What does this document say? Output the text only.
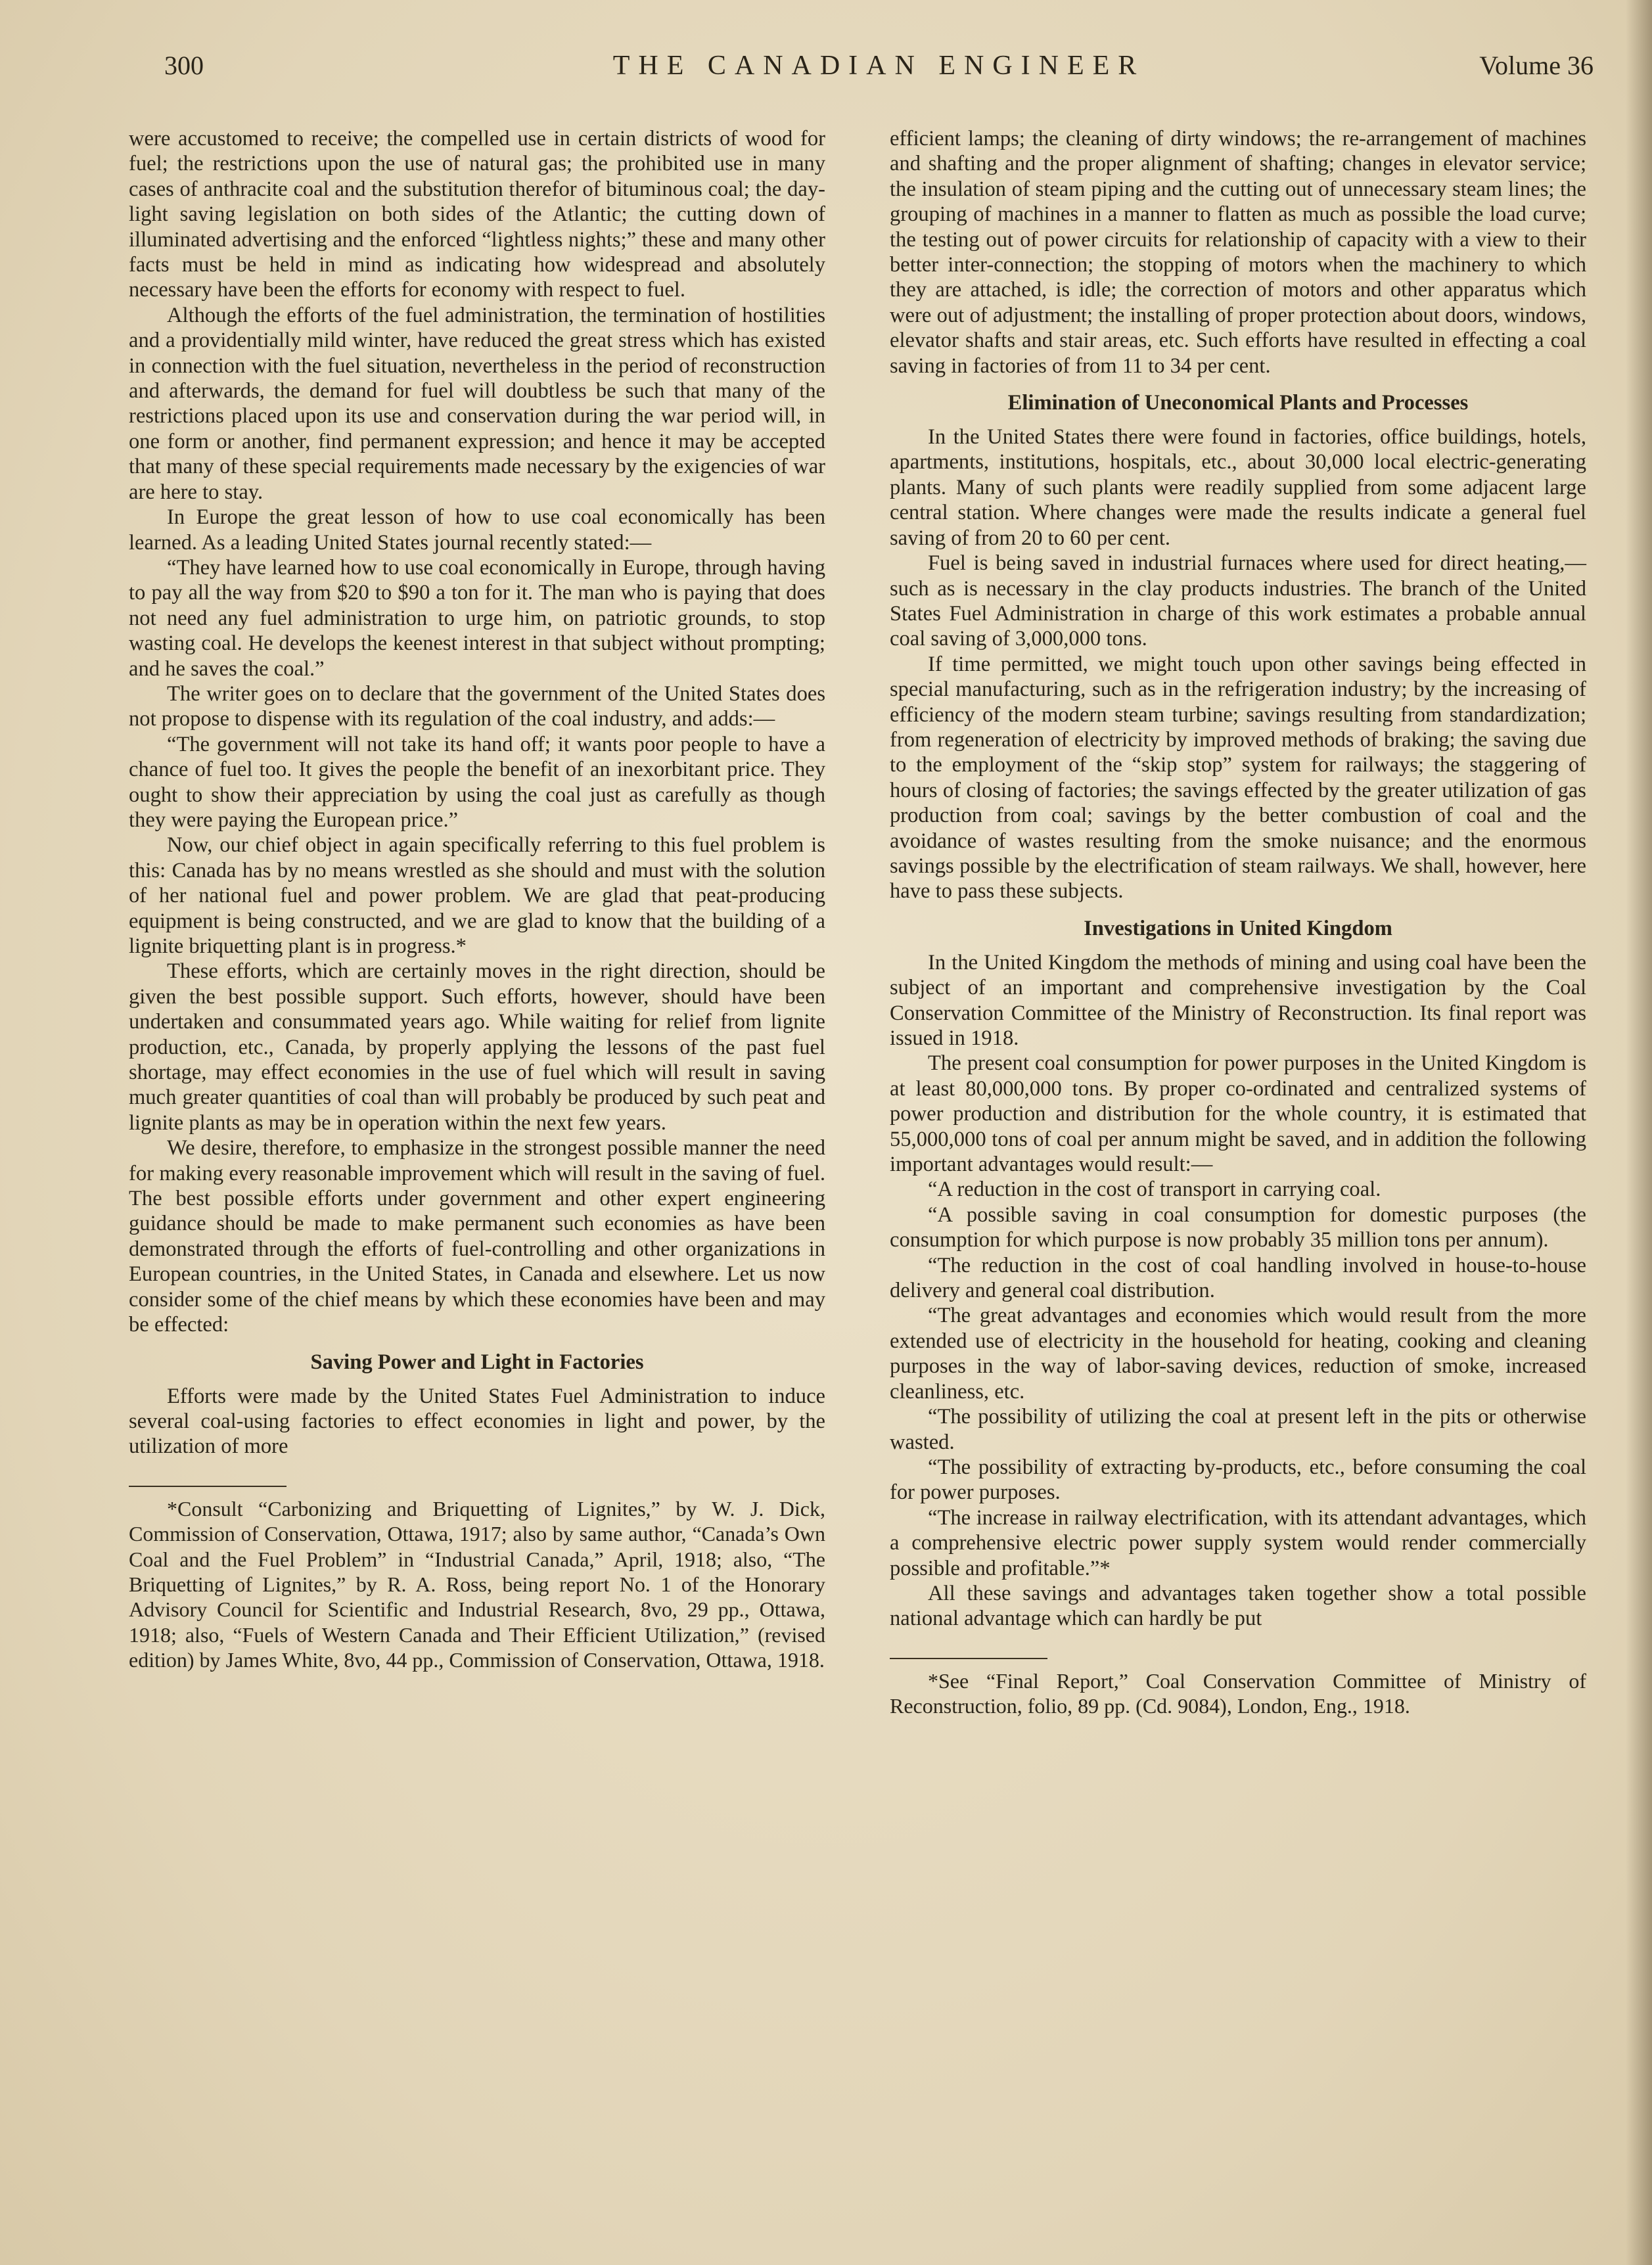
300	THE CANADIAN ENGINEER	Volume 36

were accustomed to receive; the compelled use in certain districts of wood for fuel; the restrictions upon the use of natural gas; the prohibited use in many cases of anthracite coal and the substitution therefor of bituminous coal; the day-light saving legislation on both sides of the Atlantic; the cutting down of illuminated advertising and the enforced “lightless nights;” these and many other facts must be held in mind as indicating how widespread and absolutely necessary have been the efforts for economy with respect to fuel.

Although the efforts of the fuel administration, the termination of hostilities and a providentially mild winter, have reduced the great stress which has existed in connection with the fuel situation, nevertheless in the period of reconstruction and afterwards, the demand for fuel will doubtless be such that many of the restrictions placed upon its use and conservation during the war period will, in one form or another, find permanent expression; and hence it may be accepted that many of these special requirements made necessary by the exigencies of war are here to stay.

In Europe the great lesson of how to use coal economically has been learned. As a leading United States journal recently stated:—

“They have learned how to use coal economically in Europe, through having to pay all the way from $20 to $90 a ton for it. The man who is paying that does not need any fuel administration to urge him, on patriotic grounds, to stop wasting coal. He develops the keenest interest in that subject without prompting; and he saves the coal.”

The writer goes on to declare that the government of the United States does not propose to dispense with its regulation of the coal industry, and adds:—

“The government will not take its hand off; it wants poor people to have a chance of fuel too. It gives the people the benefit of an inexorbitant price. They ought to show their appreciation by using the coal just as carefully as though they were paying the European price.”

Now, our chief object in again specifically referring to this fuel problem is this: Canada has by no means wrestled as she should and must with the solution of her national fuel and power problem. We are glad that peat-producing equipment is being constructed, and we are glad to know that the building of a lignite briquetting plant is in progress.*

These efforts, which are certainly moves in the right direction, should be given the best possible support. Such efforts, however, should have been undertaken and consummated years ago. While waiting for relief from lignite production, etc., Canada, by properly applying the lessons of the past fuel shortage, may effect economies in the use of fuel which will result in saving much greater quantities of coal than will probably be produced by such peat and lignite plants as may be in operation within the next few years.

We desire, therefore, to emphasize in the strongest possible manner the need for making every reasonable improvement which will result in the saving of fuel. The best possible efforts under government and other expert engineering guidance should be made to make permanent such economies as have been demonstrated through the efforts of fuel-controlling and other organizations in European countries, in the United States, in Canada and elsewhere. Let us now consider some of the chief means by which these economies have been and may be effected:

Saving Power and Light in Factories

Efforts were made by the United States Fuel Administration to induce several coal-using factories to effect economies in light and power, by the utilization of more

*Consult “Carbonizing and Briquetting of Lignites,” by W. J. Dick, Commission of Conservation, Ottawa, 1917; also by same author, “Canada’s Own Coal and the Fuel Problem” in “Industrial Canada,” April, 1918; also, “The Briquetting of Lignites,” by R. A. Ross, being report No. 1 of the Honorary Advisory Council for Scientific and Industrial Research, 8vo, 29 pp., Ottawa, 1918; also, “Fuels of Western Canada and Their Efficient Utilization,” (revised edition) by James White, 8vo, 44 pp., Commission of Conservation, Ottawa, 1918.

efficient lamps; the cleaning of dirty windows; the re-arrangement of machines and shafting and the proper alignment of shafting; changes in elevator service; the insulation of steam piping and the cutting out of unnecessary steam lines; the grouping of machines in a manner to flatten as much as possible the load curve; the testing out of power circuits for relationship of capacity with a view to their better inter-connection; the stopping of motors when the machinery to which they are attached, is idle; the correction of motors and other apparatus which were out of adjustment; the installing of proper protection about doors, windows, elevator shafts and stair areas, etc. Such efforts have resulted in effecting a coal saving in factories of from 11 to 34 per cent.

Elimination of Uneconomical Plants and Processes

In the United States there were found in factories, office buildings, hotels, apartments, institutions, hospitals, etc., about 30,000 local electric-generating plants. Many of such plants were readily supplied from some adjacent large central station. Where changes were made the results indicate a general fuel saving of from 20 to 60 per cent.

Fuel is being saved in industrial furnaces where used for direct heating,—such as is necessary in the clay products industries. The branch of the United States Fuel Administration in charge of this work estimates a probable annual coal saving of 3,000,000 tons.

If time permitted, we might touch upon other savings being effected in special manufacturing, such as in the refrigeration industry; by the increasing of efficiency of the modern steam turbine; savings resulting from standardization; from regeneration of electricity by improved methods of braking; the saving due to the employment of the “skip stop” system for railways; the staggering of hours of closing of factories; the savings effected by the greater utilization of gas production from coal; savings by the better combustion of coal and the avoidance of wastes resulting from the smoke nuisance; and the enormous savings possible by the electrification of steam railways. We shall, however, here have to pass these subjects.

Investigations in United Kingdom

In the United Kingdom the methods of mining and using coal have been the subject of an important and comprehensive investigation by the Coal Conservation Committee of the Ministry of Reconstruction. Its final report was issued in 1918.

The present coal consumption for power purposes in the United Kingdom is at least 80,000,000 tons. By proper co-ordinated and centralized systems of power production and distribution for the whole country, it is estimated that 55,000,000 tons of coal per annum might be saved, and in addition the following important advantages would result:—

“A reduction in the cost of transport in carrying coal.

“A possible saving in coal consumption for domestic purposes (the consumption for which purpose is now probably 35 million tons per annum).

“The reduction in the cost of coal handling involved in house-to-house delivery and general coal distribution.

“The great advantages and economies which would result from the more extended use of electricity in the household for heating, cooking and cleaning purposes in the way of labor-saving devices, reduction of smoke, increased cleanliness, etc.

“The possibility of utilizing the coal at present left in the pits or otherwise wasted.

“The possibility of extracting by-products, etc., before consuming the coal for power purposes.

“The increase in railway electrification, with its attendant advantages, which a comprehensive electric power supply system would render commercially possible and profitable.”*

All these savings and advantages taken together show a total possible national advantage which can hardly be put

*See “Final Report,” Coal Conservation Committee of Ministry of Reconstruction, folio, 89 pp. (Cd. 9084), London, Eng., 1918.
